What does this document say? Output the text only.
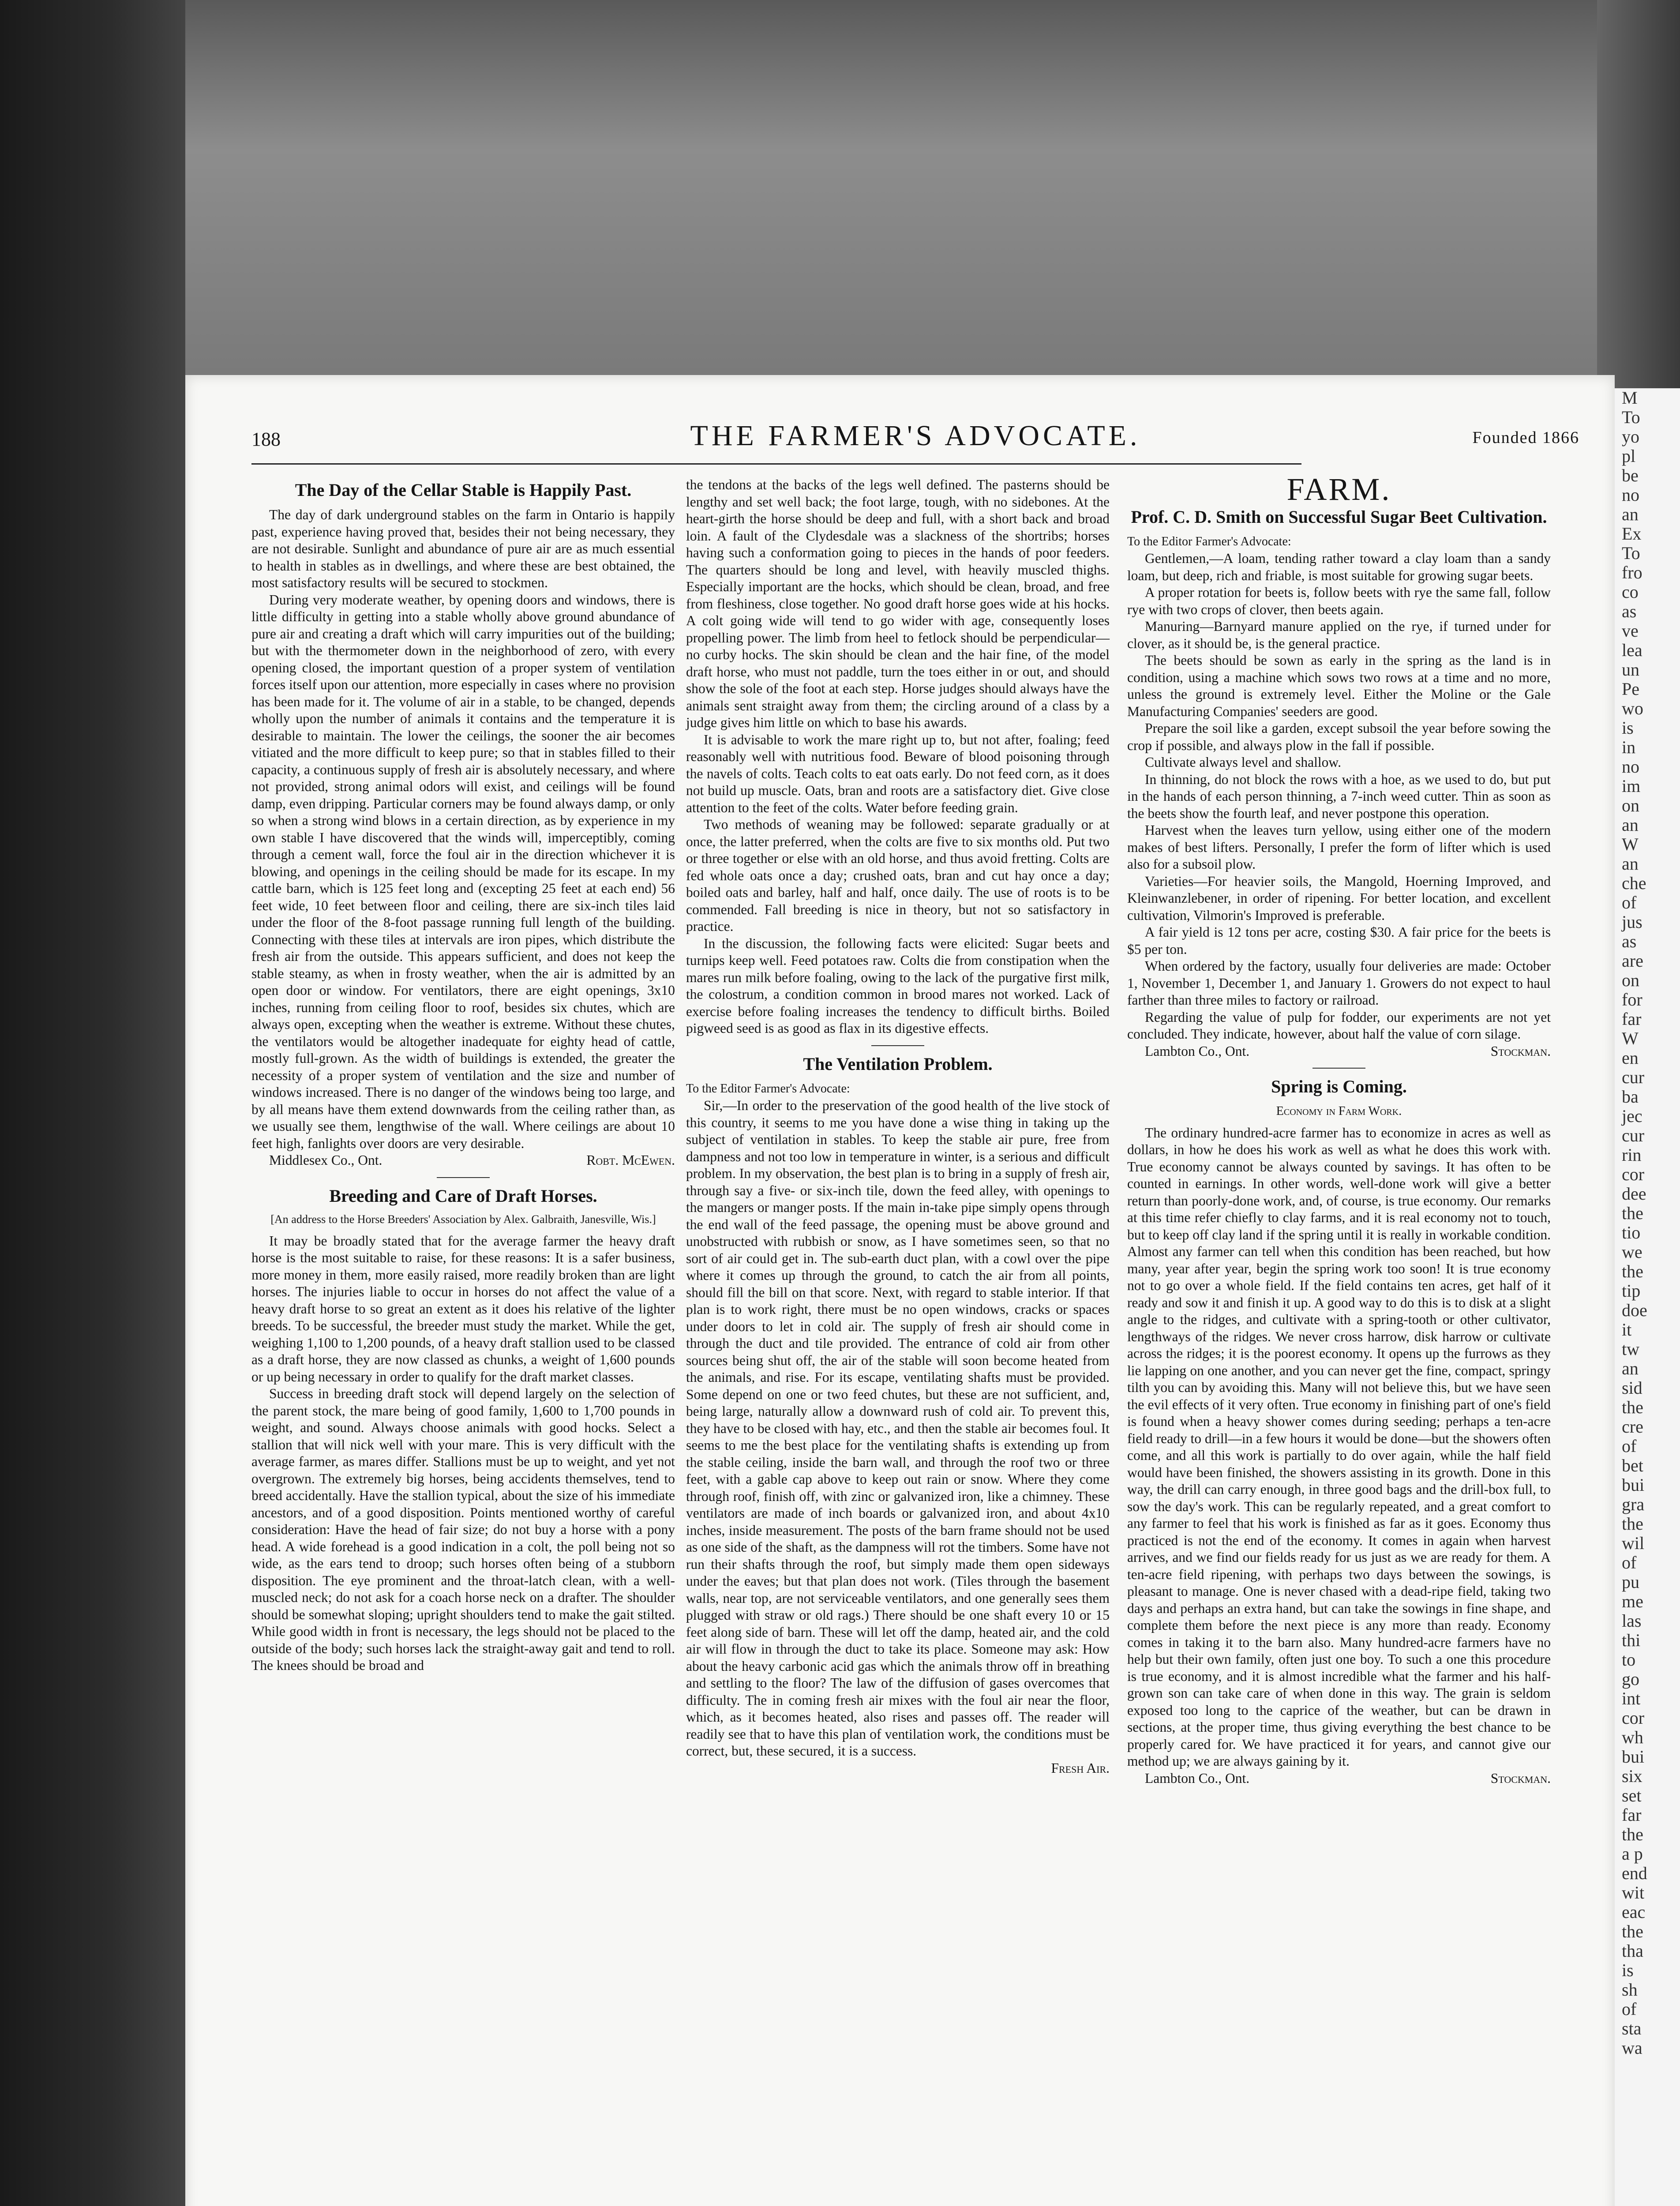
M

To

yo

pl

be

no

an

Ex

To

fro

co

as

ve

lea

un

Pe

wo

is

in

no

im

on

an

W

an

che

of

jus

as

are

on

for

far

W

en

cur

ba

jec

cur

rin

cor

dee

the

tio

we

the

tip

doe

it

tw

an

sid

the

cre

of

bet

bui

gra

the

wil

of

pu

me

las

thi

to

go

int

cor

wh

bui

six

set

far

the

a p

end

wit

eac

the

tha

is

sh

of

sta

wa

188	THE FARMER'S ADVOCATE.	Founded 1866
The Day of the Cellar Stable is Happily Past.

The day of dark underground stables on the farm in Ontario is happily past, experience having proved that, besides their not being necessary, they are not desirable. Sunlight and abundance of pure air are as much essential to health in stables as in dwellings, and where these are best obtained, the most satisfactory results will be secured to stockmen.

During very moderate weather, by opening doors and windows, there is little difficulty in getting into a stable wholly above ground abundance of pure air and creating a draft which will carry impurities out of the building; but with the thermometer down in the neighborhood of zero, with every opening closed, the important question of a proper system of ventilation forces itself upon our attention, more especially in cases where no provision has been made for it. The volume of air in a stable, to be changed, depends wholly upon the number of animals it contains and the temperature it is desirable to maintain. The lower the ceilings, the sooner the air becomes vitiated and the more difficult to keep pure; so that in stables filled to their capacity, a continuous supply of fresh air is absolutely necessary, and where not provided, strong animal odors will exist, and ceilings will be found damp, even dripping. Particular corners may be found always damp, or only so when a strong wind blows in a certain direction, as by experience in my own stable I have discovered that the winds will, imperceptibly, coming through a cement wall, force the foul air in the direction whichever it is blowing, and openings in the ceiling should be made for its escape. In my cattle barn, which is 125 feet long and (excepting 25 feet at each end) 56 feet wide, 10 feet between floor and ceiling, there are six-inch tiles laid under the floor of the 8-foot passage running full length of the building. Connecting with these tiles at intervals are iron pipes, which distribute the fresh air from the outside. This appears sufficient, and does not keep the stable steamy, as when in frosty weather, when the air is admitted by an open door or window. For ventilators, there are eight openings, 3x10 inches, running from ceiling floor to roof, besides six chutes, which are always open, excepting when the weather is extreme. Without these chutes, the ventilators would be altogether inadequate for eighty head of cattle, mostly full-grown. As the width of buildings is extended, the greater the necessity of a proper system of ventilation and the size and number of windows increased. There is no danger of the windows being too large, and by all means have them extend downwards from the ceiling rather than, as we usually see them, lengthwise of the wall. Where ceilings are about 10 feet high, fanlights over doors are very desirable.

Middlesex Co., Ont.	Robt. McEwen.

Breeding and Care of Draft Horses.
[An address to the Horse Breeders' Association by Alex. Galbraith, Janesville, Wis.]

It may be broadly stated that for the average farmer the heavy draft horse is the most suitable to raise, for these reasons: It is a safer business, more money in them, more easily raised, more readily broken than are light horses. The injuries liable to occur in horses do not affect the value of a heavy draft horse to so great an extent as it does his relative of the lighter breeds. To be successful, the breeder must study the market. While the get, weighing 1,100 to 1,200 pounds, of a heavy draft stallion used to be classed as a draft horse, they are now classed as chunks, a weight of 1,600 pounds or up being necessary in order to qualify for the draft market classes.

Success in breeding draft stock will depend largely on the selection of the parent stock, the mare being of good family, 1,600 to 1,700 pounds in weight, and sound. Always choose animals with good hocks. Select a stallion that will nick well with your mare. This is very difficult with the average farmer, as mares differ. Stallions must be up to weight, and yet not overgrown. The extremely big horses, being accidents themselves, tend to breed accidentally. Have the stallion typical, about the size of his immediate ancestors, and of a good disposition. Points mentioned worthy of careful consideration: Have the head of fair size; do not buy a horse with a pony head. A wide forehead is a good indication in a colt, the poll being not so wide, as the ears tend to droop; such horses often being of a stubborn disposition. The eye prominent and the throat-latch clean, with a well-muscled neck; do not ask for a coach horse neck on a drafter. The shoulder should be somewhat sloping; upright shoulders tend to make the gait stilted. While good width in front is necessary, the legs should not be placed to the outside of the body; such horses lack the straight-away gait and tend to roll. The knees should be broad and

the tendons at the backs of the legs well defined. The pasterns should be lengthy and set well back; the foot large, tough, with no sidebones. At the heart-girth the horse should be deep and full, with a short back and broad loin. A fault of the Clydesdale was a slackness of the shortribs; horses having such a conformation going to pieces in the hands of poor feeders. The quarters should be long and level, with heavily muscled thighs. Especially important are the hocks, which should be clean, broad, and free from fleshiness, close together. No good draft horse goes wide at his hocks. A colt going wide will tend to go wider with age, consequently loses propelling power. The limb from heel to fetlock should be perpendicular—no curby hocks. The skin should be clean and the hair fine, of the model draft horse, who must not paddle, turn the toes either in or out, and should show the sole of the foot at each step. Horse judges should always have the animals sent straight away from them; the circling around of a class by a judge gives him little on which to base his awards.

It is advisable to work the mare right up to, but not after, foaling; feed reasonably well with nutritious food. Beware of blood poisoning through the navels of colts. Teach colts to eat oats early. Do not feed corn, as it does not build up muscle. Oats, bran and roots are a satisfactory diet. Give close attention to the feet of the colts. Water before feeding grain.

Two methods of weaning may be followed: separate gradually or at once, the latter preferred, when the colts are five to six months old. Put two or three together or else with an old horse, and thus avoid fretting. Colts are fed whole oats once a day; crushed oats, bran and cut hay once a day; boiled oats and barley, half and half, once daily. The use of roots is to be commended. Fall breeding is nice in theory, but not so satisfactory in practice.

In the discussion, the following facts were elicited: Sugar beets and turnips keep well. Feed potatoes raw. Colts die from constipation when the mares run milk before foaling, owing to the lack of the purgative first milk, the colostrum, a condition common in brood mares not worked. Lack of exercise before foaling increases the tendency to difficult births. Boiled pigweed seed is as good as flax in its digestive effects.

The Ventilation Problem.

To the Editor Farmer's Advocate:

Sir,—In order to the preservation of the good health of the live stock of this country, it seems to me you have done a wise thing in taking up the subject of ventilation in stables. To keep the stable air pure, free from dampness and not too low in temperature in winter, is a serious and difficult problem. In my observation, the best plan is to bring in a supply of fresh air, through say a five- or six-inch tile, down the feed alley, with openings to the mangers or manger posts. If the main in-take pipe simply opens through the end wall of the feed passage, the opening must be above ground and unobstructed with rubbish or snow, as I have sometimes seen, so that no sort of air could get in. The sub-earth duct plan, with a cowl over the pipe where it comes up through the ground, to catch the air from all points, should fill the bill on that score. Next, with regard to stable interior. If that plan is to work right, there must be no open windows, cracks or spaces under doors to let in cold air. The supply of fresh air should come in through the duct and tile provided. The entrance of cold air from other sources being shut off, the air of the stable will soon become heated from the animals, and rise. For its escape, ventilating shafts must be provided. Some depend on one or two feed chutes, but these are not sufficient, and, being large, naturally allow a downward rush of cold air. To prevent this, they have to be closed with hay, etc., and then the stable air becomes foul. It seems to me the best place for the ventilating shafts is extending up from the stable ceiling, inside the barn wall, and through the roof two or three feet, with a gable cap above to keep out rain or snow. Where they come through roof, finish off, with zinc or galvanized iron, like a chimney. These ventilators are made of inch boards or galvanized iron, and about 4x10 inches, inside measurement. The posts of the barn frame should not be used as one side of the shaft, as the dampness will rot the timbers. Some have not run their shafts through the roof, but simply made them open sideways under the eaves; but that plan does not work. (Tiles through the basement walls, near top, are not serviceable ventilators, and one generally sees them plugged with straw or old rags.) There should be one shaft every 10 or 15 feet along side of barn. These will let off the damp, heated air, and the cold air will flow in through the duct to take its place. Someone may ask: How about the heavy carbonic acid gas which the animals throw off in breathing and settling to the floor? The law of the diffusion of gases overcomes that difficulty. The in coming fresh air mixes with the foul air near the floor, which, as it becomes heated, also rises and passes off. The reader will readily see that to have this plan of ventilation work, the conditions must be correct, but, these secured, it is a success.

Fresh Air.

FARM.
Prof. C. D. Smith on Successful Sugar Beet Cultivation.

To the Editor Farmer's Advocate:

Gentlemen,—A loam, tending rather toward a clay loam than a sandy loam, but deep, rich and friable, is most suitable for growing sugar beets.

A proper rotation for beets is, follow beets with rye the same fall, follow rye with two crops of clover, then beets again.

Manuring—Barnyard manure applied on the rye, if turned under for clover, as it should be, is the general practice.

The beets should be sown as early in the spring as the land is in condition, using a machine which sows two rows at a time and no more, unless the ground is extremely level. Either the Moline or the Gale Manufacturing Companies' seeders are good.

Prepare the soil like a garden, except subsoil the year before sowing the crop if possible, and always plow in the fall if possible.

Cultivate always level and shallow.

In thinning, do not block the rows with a hoe, as we used to do, but put in the hands of each person thinning, a 7-inch weed cutter. Thin as soon as the beets show the fourth leaf, and never postpone this operation.

Harvest when the leaves turn yellow, using either one of the modern makes of best lifters. Personally, I prefer the form of lifter which is used also for a subsoil plow.

Varieties—For heavier soils, the Mangold, Hoerning Improved, and Kleinwanzlebener, in order of ripening. For better location, and excellent cultivation, Vilmorin's Improved is preferable.

A fair yield is 12 tons per acre, costing $30. A fair price for the beets is $5 per ton.

When ordered by the factory, usually four deliveries are made: October 1, November 1, December 1, and January 1. Growers do not expect to haul farther than three miles to factory or railroad.

Regarding the value of pulp for fodder, our experiments are not yet concluded. They indicate, however, about half the value of corn silage.

Lambton Co., Ont.	Stockman.

Spring is Coming.
Economy in Farm Work.

The ordinary hundred-acre farmer has to economize in acres as well as dollars, in how he does his work as well as what he does this work with. True economy cannot be always counted by savings. It has often to be counted in earnings. In other words, well-done work will give a better return than poorly-done work, and, of course, is true economy. Our remarks at this time refer chiefly to clay farms, and it is real economy not to touch, but to keep off clay land if the spring until it is really in workable condition. Almost any farmer can tell when this condition has been reached, but how many, year after year, begin the spring work too soon! It is true economy not to go over a whole field. If the field contains ten acres, get half of it ready and sow it and finish it up. A good way to do this is to disk at a slight angle to the ridges, and cultivate with a spring-tooth or other cultivator, lengthways of the ridges. We never cross harrow, disk harrow or cultivate across the ridges; it is the poorest economy. It opens up the furrows as they lie lapping on one another, and you can never get the fine, compact, springy tilth you can by avoiding this. Many will not believe this, but we have seen the evil effects of it very often. True economy in finishing part of one's field is found when a heavy shower comes during seeding; perhaps a ten-acre field ready to drill—in a few hours it would be done—but the showers often come, and all this work is partially to do over again, while the half field would have been finished, the showers assisting in its growth. Done in this way, the drill can carry enough, in three good bags and the drill-box full, to sow the day's work. This can be regularly repeated, and a great comfort to any farmer to feel that his work is finished as far as it goes. Economy thus practiced is not the end of the economy. It comes in again when harvest arrives, and we find our fields ready for us just as we are ready for them. A ten-acre field ripening, with perhaps two days between the sowings, is pleasant to manage. One is never chased with a dead-ripe field, taking two days and perhaps an extra hand, but can take the sowings in fine shape, and complete them before the next piece is any more than ready. Economy comes in taking it to the barn also. Many hundred-acre farmers have no help but their own family, often just one boy. To such a one this procedure is true economy, and it is almost incredible what the farmer and his half-grown son can take care of when done in this way. The grain is seldom exposed too long to the caprice of the weather, but can be drawn in sections, at the proper time, thus giving everything the best chance to be properly cared for. We have practiced it for years, and cannot give our method up; we are always gaining by it.

Lambton Co., Ont.	Stockman.
